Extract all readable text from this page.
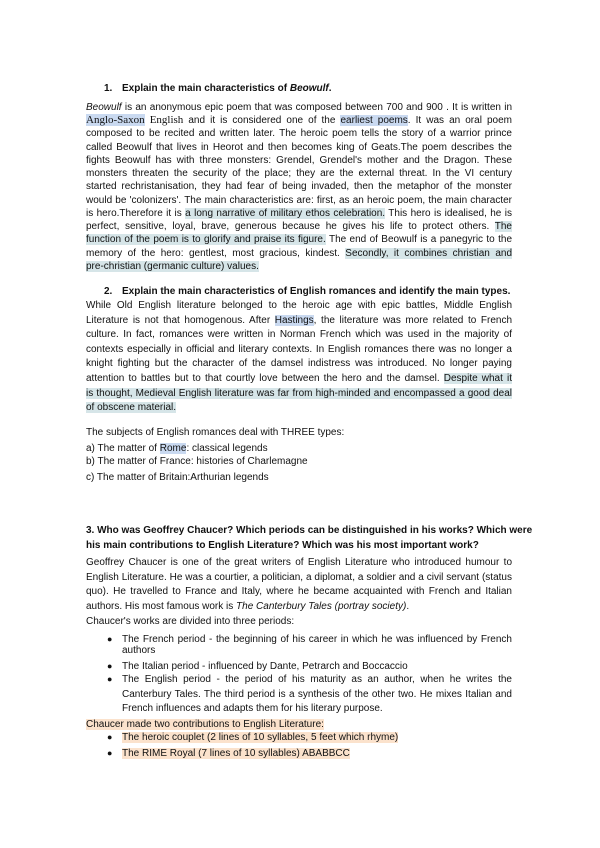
1. Explain the main characteristics of Beowulf.
Beowulf is an anonymous epic poem that was composed between 700 and 900 . It is written in
Anglo-Saxon English and it is considered one of the earliest poems. It was an oral poem
composed to be recited and written later. The heroic poem tells the story of a warrior prince
called Beowulf that lives in Heorot and then becomes king of Geats.The poem describes the
fights Beowulf has with three monsters: Grendel, Grendel's mother and the Dragon. These
monsters threaten the security of the place; they are the external threat. In the VI century
started rechristanisation, they had fear of being invaded, then the metaphor of the monster
would be 'colonizers'. The main characteristics are: first, as an heroic poem, the main character
is hero.Therefore it is a long narrative of military ethos celebration. This hero is idealised, he is
perfect, sensitive, loyal, brave, generous because he gives his life to protect others. The
function of the poem is to glorify and praise its figure. The end of Beowulf is a panegyric to the
memory of the hero: gentlest, most gracious, kindest. Secondly, it combines christian and
pre-christian (germanic culture) values.
2. Explain the main characteristics of English romances and identify the main types.
While Old English literature belonged to the heroic age with epic battles, Middle English
Literature is not that homogenous. After Hastings, the literature was more related to French
culture. In fact, romances were written in Norman French which was used in the majority of
contexts especially in official and literary contexts. In English romances there was no longer a
knight fighting but the character of the damsel indistress was introduced. No longer paying
attention to battles but to that courtly love between the hero and the damsel. Despite what it
is thought, Medieval English literature was far from high-minded and encompassed a good deal
of obscene material.
The subjects of English romances deal with THREE types:
a) The matter of Rome: classical legends
b) The matter of France: histories of Charlemagne
c) The matter of Britain:Arthurian legends
3. Who was Geoffrey Chaucer? Which periods can be distinguished in his works? Which were
his main contributions to English Literature? Which was his most important work?
Geoffrey Chaucer is one of the great writers of English Literature who introduced humour to
English Literature. He was a courtier, a politician, a diplomat, a soldier and a civil servant (status
quo). He travelled to France and Italy, where he became acquainted with French and Italian
authors. His most famous work is The Canterbury Tales (portray society).
Chaucer's works are divided into three periods:
● The French period - the beginning of his career in which he was influenced by French
authors
● The Italian period - influenced by Dante, Petrarch and Boccaccio
● The English period - the period of his maturity as an author, when he writes the
Canterbury Tales. The third period is a synthesis of the other two. He mixes Italian and
French influences and adapts them for his literary purpose.
Chaucer made two contributions to English Literature:
● The heroic couplet (2 lines of 10 syllables, 5 feet which rhyme)
● The RIME Royal (7 lines of 10 syllables) ABABBCC
